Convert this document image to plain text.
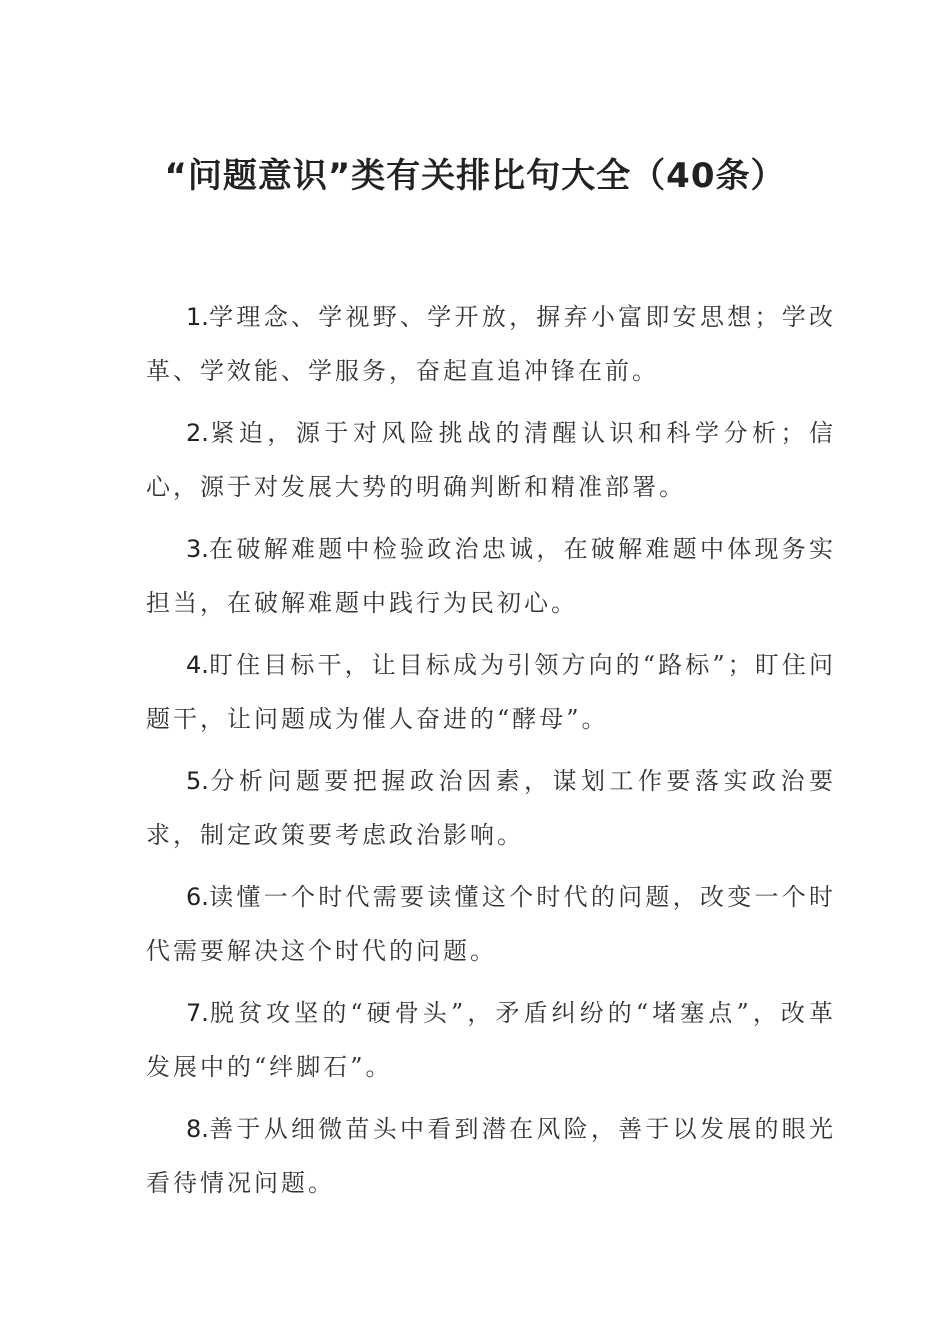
“问题意识”类有关排比句大全（40条）

1.学理念、学视野、学开放，摒弃小富即安思想；学改革、学效能、学服务，奋起直追冲锋在前。

2.紧迫，源于对风险挑战的清醒认识和科学分析；信心，源于对发展大势的明确判断和精准部署。

3.在破解难题中检验政治忠诚，在破解难题中体现务实担当，在破解难题中践行为民初心。

4.盯住目标干，让目标成为引领方向的“路标”；盯住问题干，让问题成为催人奋进的“酵母”。

5.分析问题要把握政治因素，谋划工作要落实政治要求，制定政策要考虑政治影响。

6.读懂一个时代需要读懂这个时代的问题，改变一个时代需要解决这个时代的问题。

7.脱贫攻坚的“硬骨头”，矛盾纠纷的“堵塞点”，改革发展中的“绊脚石”。

8.善于从细微苗头中看到潜在风险，善于以发展的眼光看待情况问题。
